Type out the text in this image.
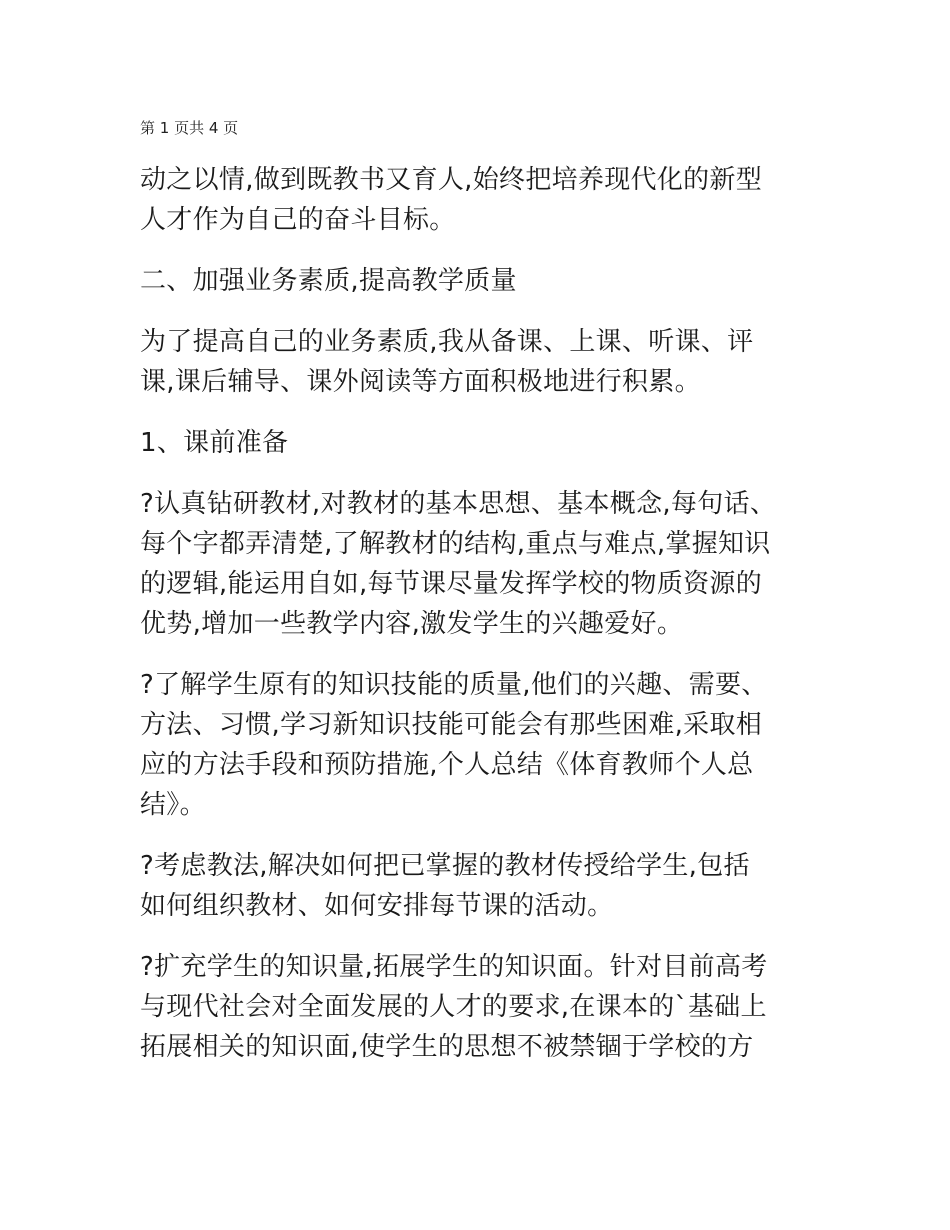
第 1 页共 4 页

动之以情,做到既教书又育人,始终把培养现代化的新型
人才作为自己的奋斗目标。

二、加强业务素质,提高教学质量

为了提高自己的业务素质,我从备课、上课、听课、评
课,课后辅导、课外阅读等方面积极地进行积累。

1、课前准备

?认真钻研教材,对教材的基本思想、基本概念,每句话、
每个字都弄清楚,了解教材的结构,重点与难点,掌握知识
的逻辑,能运用自如,每节课尽量发挥学校的物质资源的
优势,增加一些教学内容,激发学生的兴趣爱好。

?了解学生原有的知识技能的质量,他们的兴趣、需要、
方法、习惯,学习新知识技能可能会有那些困难,采取相
应的方法手段和预防措施,个人总结《体育教师个人总
结》。

?考虑教法,解决如何把已掌握的教材传授给学生,包括
如何组织教材、如何安排每节课的活动。

?扩充学生的知识量,拓展学生的知识面。针对目前高考
与现代社会对全面发展的人才的要求,在课本的`基础上
拓展相关的知识面,使学生的思想不被禁锢于学校的方
